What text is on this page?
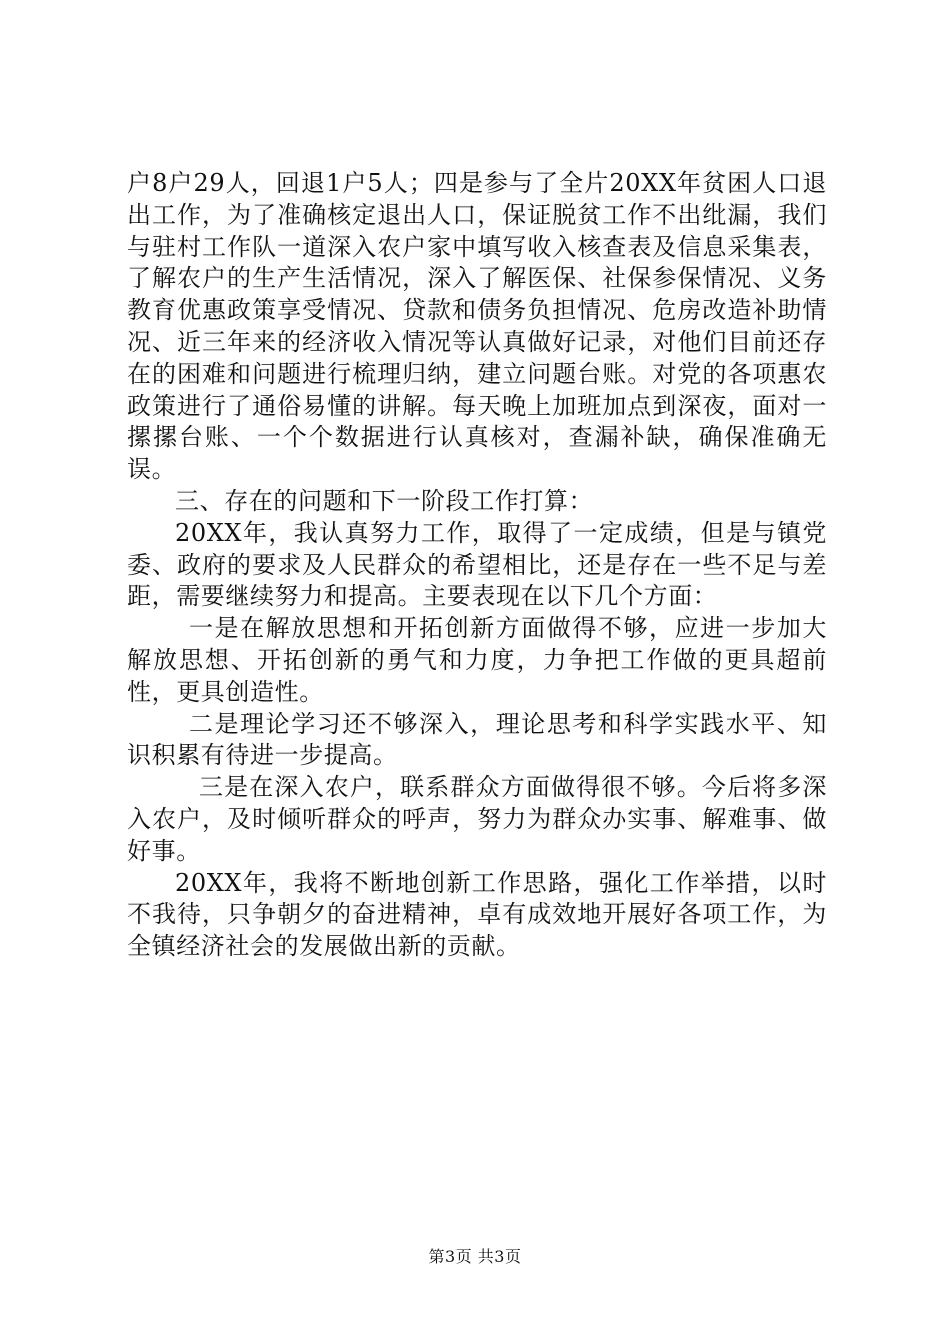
户8户29人，回退1户5人；四是参与了全片20XX年贫困人口退出工作，为了准确核定退出人口，保证脱贫工作不出纰漏，我们与驻村工作队一道深入农户家中填写收入核查表及信息采集表，了解农户的生产生活情况，深入了解医保、社保参保情况、义务教育优惠政策享受情况、贷款和债务负担情况、危房改造补助情况、近三年来的经济收入情况等认真做好记录，对他们目前还存在的困难和问题进行梳理归纳，建立问题台账。对党的各项惠农政策进行了通俗易懂的讲解。每天晚上加班加点到深夜，面对一摞摞台账、一个个数据进行认真核对，查漏补缺，确保准确无误。

三、存在的问题和下一阶段工作打算：

20XX年，我认真努力工作，取得了一定成绩，但是与镇党委、政府的要求及人民群众的希望相比，还是存在一些不足与差距，需要继续努力和提高。主要表现在以下几个方面：

一是在解放思想和开拓创新方面做得不够，应进一步加大解放思想、开拓创新的勇气和力度，力争把工作做的更具超前性，更具创造性。

二是理论学习还不够深入，理论思考和科学实践水平、知识积累有待进一步提高。

三是在深入农户，联系群众方面做得很不够。今后将多深入农户，及时倾听群众的呼声，努力为群众办实事、解难事、做好事。

20XX年，我将不断地创新工作思路，强化工作举措，以时不我待，只争朝夕的奋进精神，卓有成效地开展好各项工作，为全镇经济社会的发展做出新的贡献。

第3页 共3页
